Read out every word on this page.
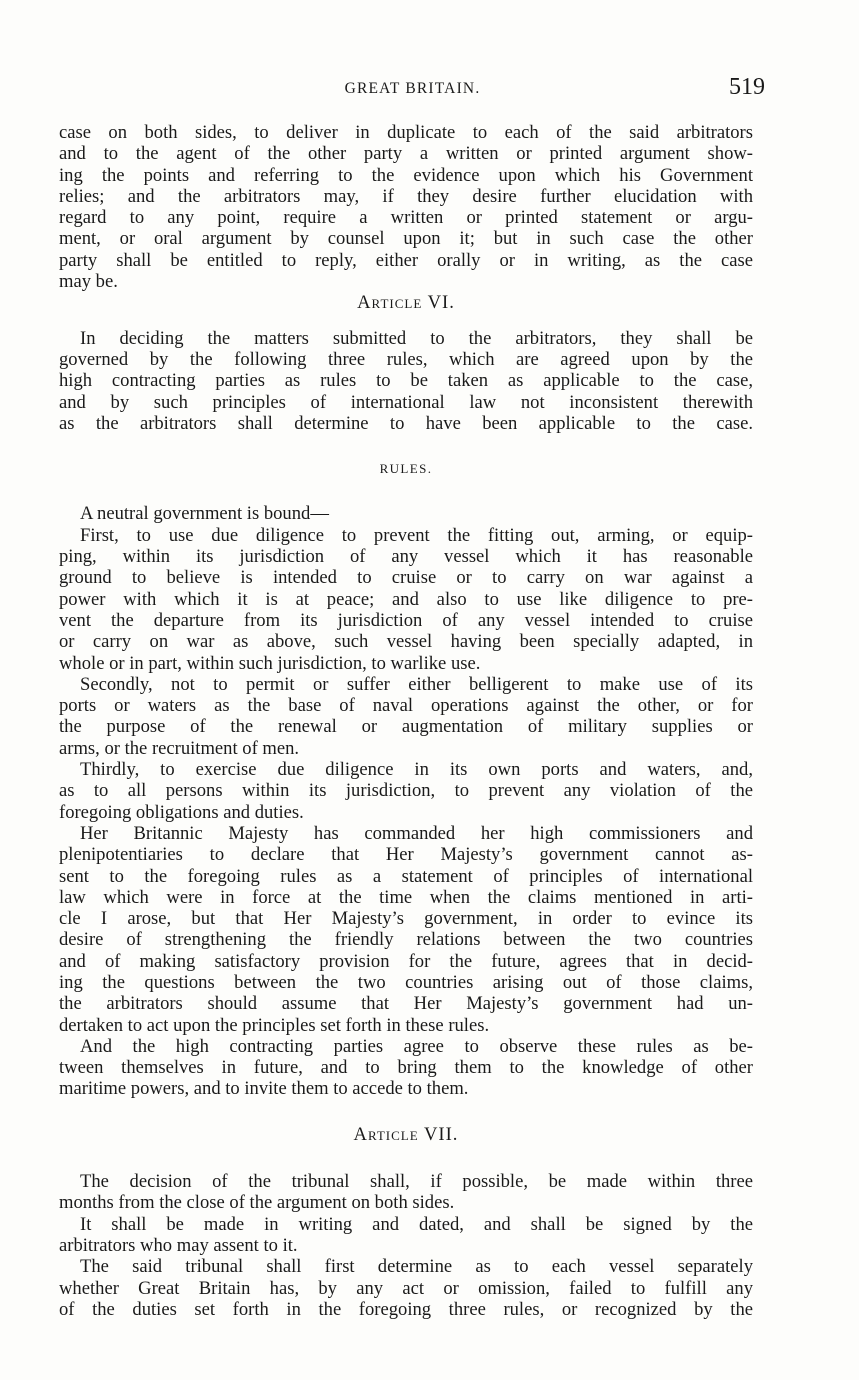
GREAT BRITAIN.	519
case on both sides, to deliver in duplicate to each of the said arbitrators
and to the agent of the other party a written or printed argument show-
ing the points and referring to the evidence upon which his Government
relies; and the arbitrators may, if they desire further elucidation with
regard to any point, require a written or printed statement or argu-
ment, or oral argument by counsel upon it; but in such case the other
party shall be entitled to reply, either orally or in writing, as the case
may be.
Article VI.
In deciding the matters submitted to the arbitrators, they shall be
governed by the following three rules, which are agreed upon by the
high contracting parties as rules to be taken as applicable to the case,
and by such principles of international law not inconsistent therewith
as the arbitrators shall determine to have been applicable to the case.
RULES.
A neutral government is bound—
First, to use due diligence to prevent the fitting out, arming, or equip-
ping, within its jurisdiction of any vessel which it has reasonable
ground to believe is intended to cruise or to carry on war against a
power with which it is at peace; and also to use like diligence to pre-
vent the departure from its jurisdiction of any vessel intended to cruise
or carry on war as above, such vessel having been specially adapted, in
whole or in part, within such jurisdiction, to warlike use.
Secondly, not to permit or suffer either belligerent to make use of its
ports or waters as the base of naval operations against the other, or for
the purpose of the renewal or augmentation of military supplies or
arms, or the recruitment of men.
Thirdly, to exercise due diligence in its own ports and waters, and,
as to all persons within its jurisdiction, to prevent any violation of the
foregoing obligations and duties.
Her Britannic Majesty has commanded her high commissioners and
plenipotentiaries to declare that Her Majesty’s government cannot as-
sent to the foregoing rules as a statement of principles of international
law which were in force at the time when the claims mentioned in arti-
cle I arose, but that Her Majesty’s government, in order to evince its
desire of strengthening the friendly relations between the two countries
and of making satisfactory provision for the future, agrees that in decid-
ing the questions between the two countries arising out of those claims,
the arbitrators should assume that Her Majesty’s government had un-
dertaken to act upon the principles set forth in these rules.
And the high contracting parties agree to observe these rules as be-
tween themselves in future, and to bring them to the knowledge of other
maritime powers, and to invite them to accede to them.
Article VII.
The decision of the tribunal shall, if possible, be made within three
months from the close of the argument on both sides.
It shall be made in writing and dated, and shall be signed by the
arbitrators who may assent to it.
The said tribunal shall first determine as to each vessel separately
whether Great Britain has, by any act or omission, failed to fulfill any
of the duties set forth in the foregoing three rules, or recognized by the
